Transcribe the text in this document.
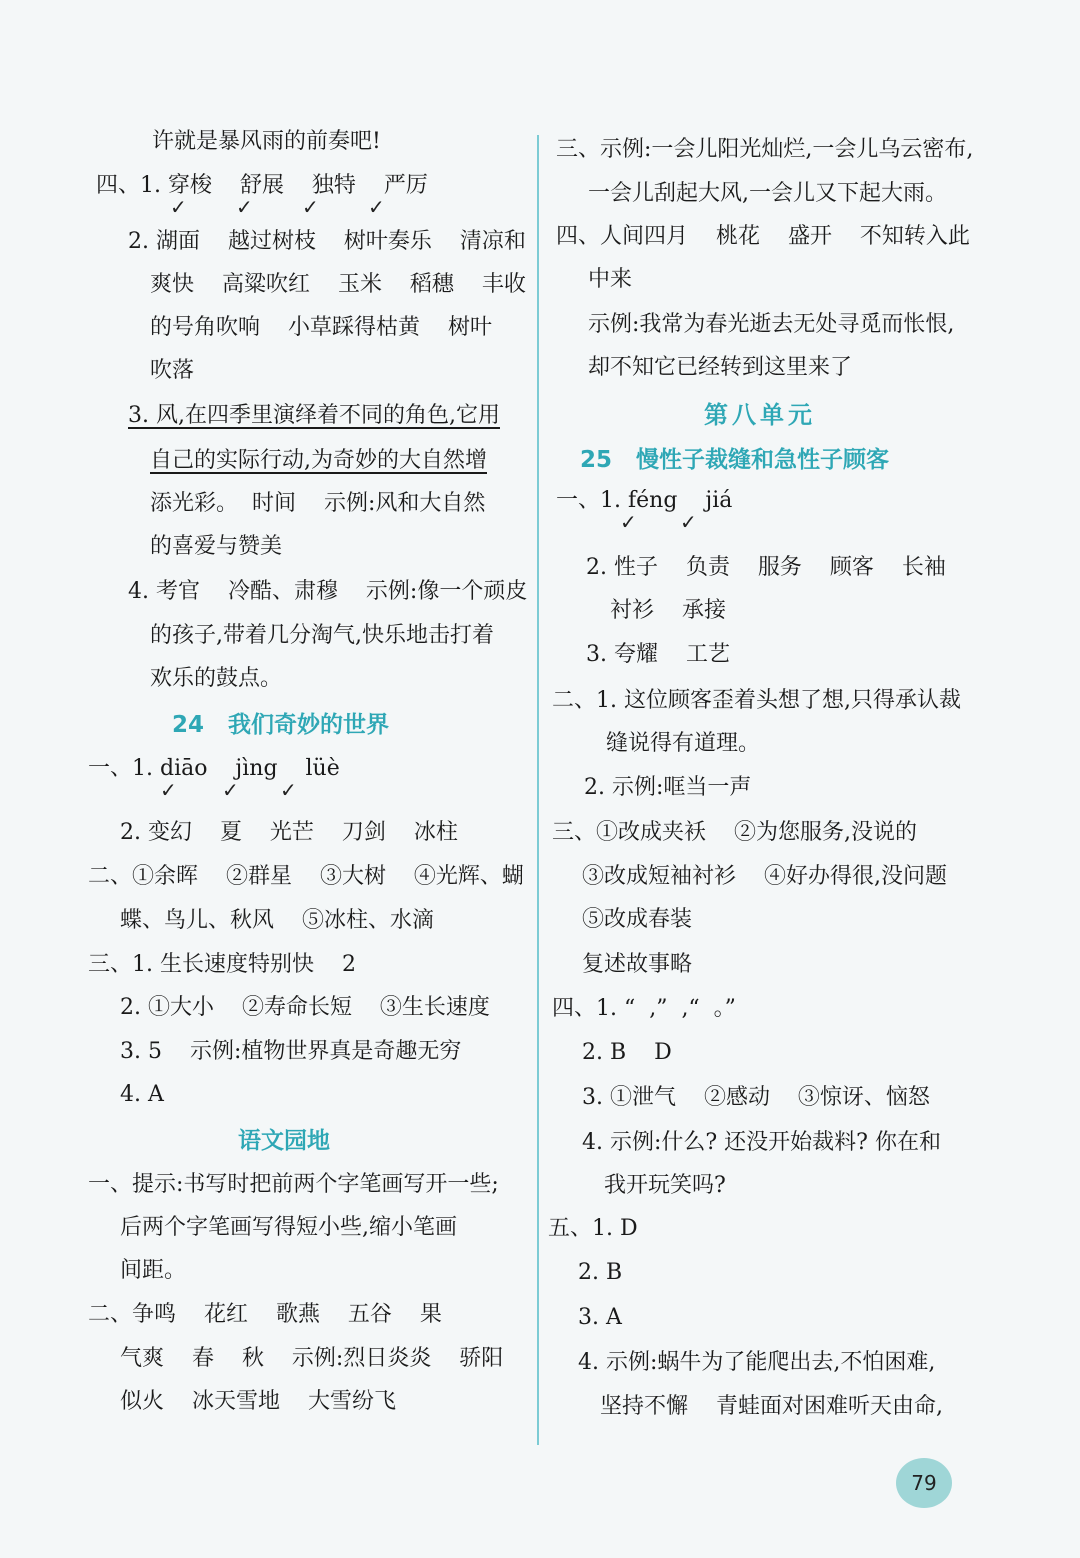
许就是暴风雨的前奏吧!
四、1. 穿梭    舒展    独特    严厉
✓ ✓ ✓ ✓
2. 湖面    越过树枝    树叶奏乐    清凉和
爽快    高粱吹红    玉米    稻穗    丰收
的号角吹响    小草踩得枯黄    树叶
吹落
3. 风,在四季里演绎着不同的角色,它用
自己的实际行动,为奇妙的大自然增
添光彩。  时间    示例:风和大自然
的喜爱与赞美
4. 考官    冷酷、肃穆    示例:像一个顽皮
的孩子,带着几分淘气,快乐地击打着
欢乐的鼓点。
24   我们奇妙的世界
一、1. diāo    jìng    lüè
✓ ✓ ✓
2. 变幻    夏    光芒    刀剑    冰柱
二、①余晖    ②群星    ③大树    ④光辉、蝴
蝶、鸟儿、秋风    ⑤冰柱、水滴
三、1. 生长速度特别快    2
2. ①大小    ②寿命长短    ③生长速度
3. 5    示例:植物世界真是奇趣无穷
4. A
语文园地
一、提示:书写时把前两个字笔画写开一些;
后两个字笔画写得短小些,缩小笔画
间距。
二、争鸣    花红    歌燕    五谷    果
气爽    春    秋    示例:烈日炎炎    骄阳
似火    冰天雪地    大雪纷飞
三、示例:一会儿阳光灿烂,一会儿乌云密布,
一会儿刮起大风,一会儿又下起大雨。
四、人间四月    桃花    盛开    不知转入此
中来
示例:我常为春光逝去无处寻觅而怅恨,
却不知它已经转到这里来了
第八单元
25   慢性子裁缝和急性子顾客
一、1. féng    jiá
✓ ✓
2. 性子    负责    服务    顾客    长袖
衬衫    承接
3. 夸耀    工艺
二、1. 这位顾客歪着头想了想,只得承认裁
缝说得有道理。
2. 示例:哐当一声
三、①改成夹袄    ②为您服务,没说的
③改成短袖衬衫    ④好办得很,没问题
⑤改成春装
复述故事略
四、1. “  ,”  ,“  。”
2. B    D
3. ①泄气    ②感动    ③惊讶、恼怒
4. 示例:什么? 还没开始裁料? 你在和
我开玩笑吗?
五、1. D
2. B
3. A
4. 示例:蜗牛为了能爬出去,不怕困难,
坚持不懈    青蛙面对困难听天由命,
79
